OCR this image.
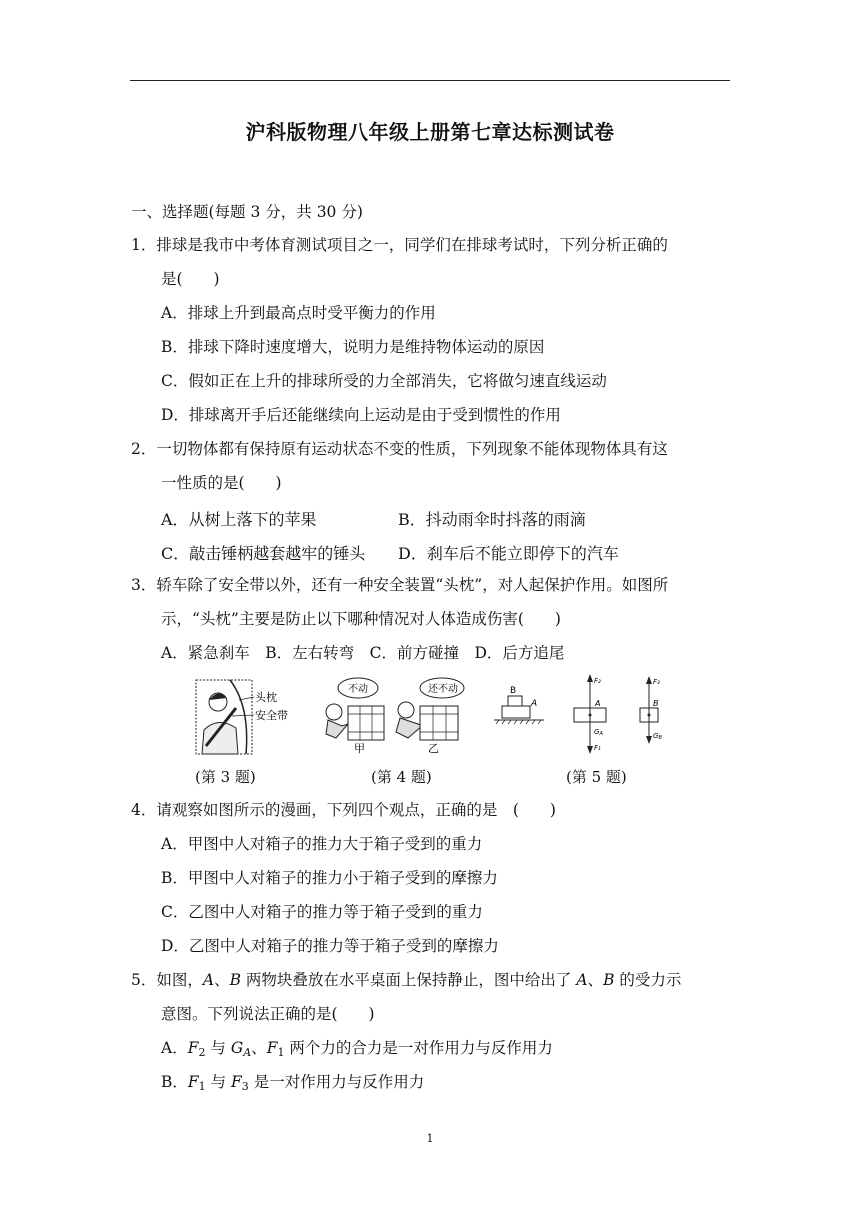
沪科版物理八年级上册第七章达标测试卷
一、选择题(每题 3 分，共 30 分)
1．排球是我市中考体育测试项目之一，同学们在排球考试时，下列分析正确的
是(　　)
A．排球上升到最高点时受平衡力的作用
B．排球下降时速度增大，说明力是维持物体运动的原因
C．假如正在上升的排球所受的力全部消失，它将做匀速直线运动
D．排球离开手后还能继续向上运动是由于受到惯性的作用
2．一切物体都有保持原有运动状态不变的性质，下列现象不能体现物体具有这
一性质的是(　　)
A．从树上落下的苹果	B．抖动雨伞时抖落的雨滴
C．敲击锤柄越套越牢的锤头 D．刹车后不能立即停下的汽车
3．轿车除了安全带以外，还有一种安全装置“头枕”，对人起保护作用。如图所
示，“头枕”主要是防止以下哪种情况对人体造成伤害(　　)
A．紧急刹车　B．左右转弯　C．前方碰撞　D．后方追尾
头枕
安全带
(第 3 题)
不动
甲
还不动
乙
(第 4 题)
B
A
F₂
GA
F₁
A
F₃
B
GB
(第 5 题)
4．请观察如图所示的漫画，下列四个观点，正确的是　(　　)
A．甲图中人对箱子的推力大于箱子受到的重力
B．甲图中人对箱子的推力小于箱子受到的摩擦力
C．乙图中人对箱子的推力等于箱子受到的重力
D．乙图中人对箱子的推力等于箱子受到的摩擦力
5．如图，A、B 两物块叠放在水平桌面上保持静止，图中给出了 A、B 的受力示
意图。下列说法正确的是(　　)
A．$F_2$ 与 $G_A$、$F_1$ 两个力的合力是一对作用力与反作用力
B．$F_1$ 与 $F_3$ 是一对作用力与反作用力
1
